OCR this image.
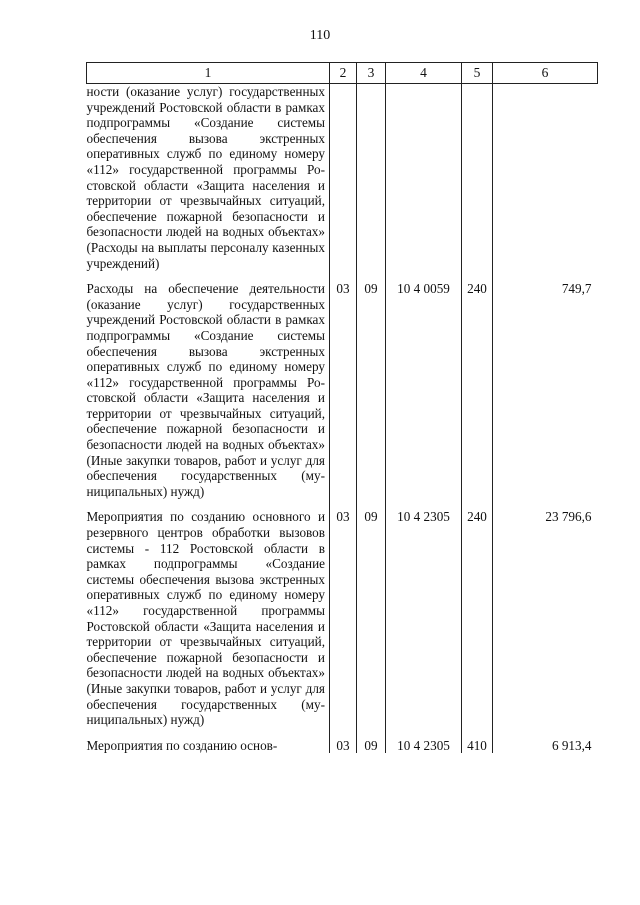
110
1	2	3	4	5	6
ности (оказание услуг) государственных учреждений Ростовской области в рамках подпрограммы «Создание системы обеспечения вызова экстренных оперативных служб по единому номеру «112» государственной программы Ростовской области «Защита населения и территории от чрезвычайных ситуаций, обеспечение пожарной безопасности и безопасности людей на водных объектах» (Расходы на выплаты персоналу казенных учреждений)					

Расходы на обеспечение деятельности (оказание услуг) государственных учреждений Ростовской области в рамках подпрограммы «Создание системы обеспечения вызова экстренных оперативных служб по единому номеру «112» государственной программы Ростовской области «Защита населения и территории от чрезвычайных ситуаций, обеспечение пожарной безопасности и безопасности людей на водных объектах» (Иные закупки товаров, работ и услуг для обеспечения государственных (муниципальных) нужд)	03	09	10 4 0059	240	749,7

Мероприятия по созданию основного и резервного центров обработки вызовов системы - 112 Ростовской области в рамках подпрограммы «Создание системы обеспечения вызова экстренных оперативных служб по единому номеру «112» государственной программы Ростовской области «Защита населения и территории от чрезвычайных ситуаций, обеспечение пожарной безопасности и безопасности людей на водных объектах» (Иные закупки товаров, работ и услуг для обеспечения государственных (муниципальных) нужд)	03	09	10 4 2305	240	23 796,6

Мероприятия по созданию основ-	03	09	10 4 2305	410	6 913,4
